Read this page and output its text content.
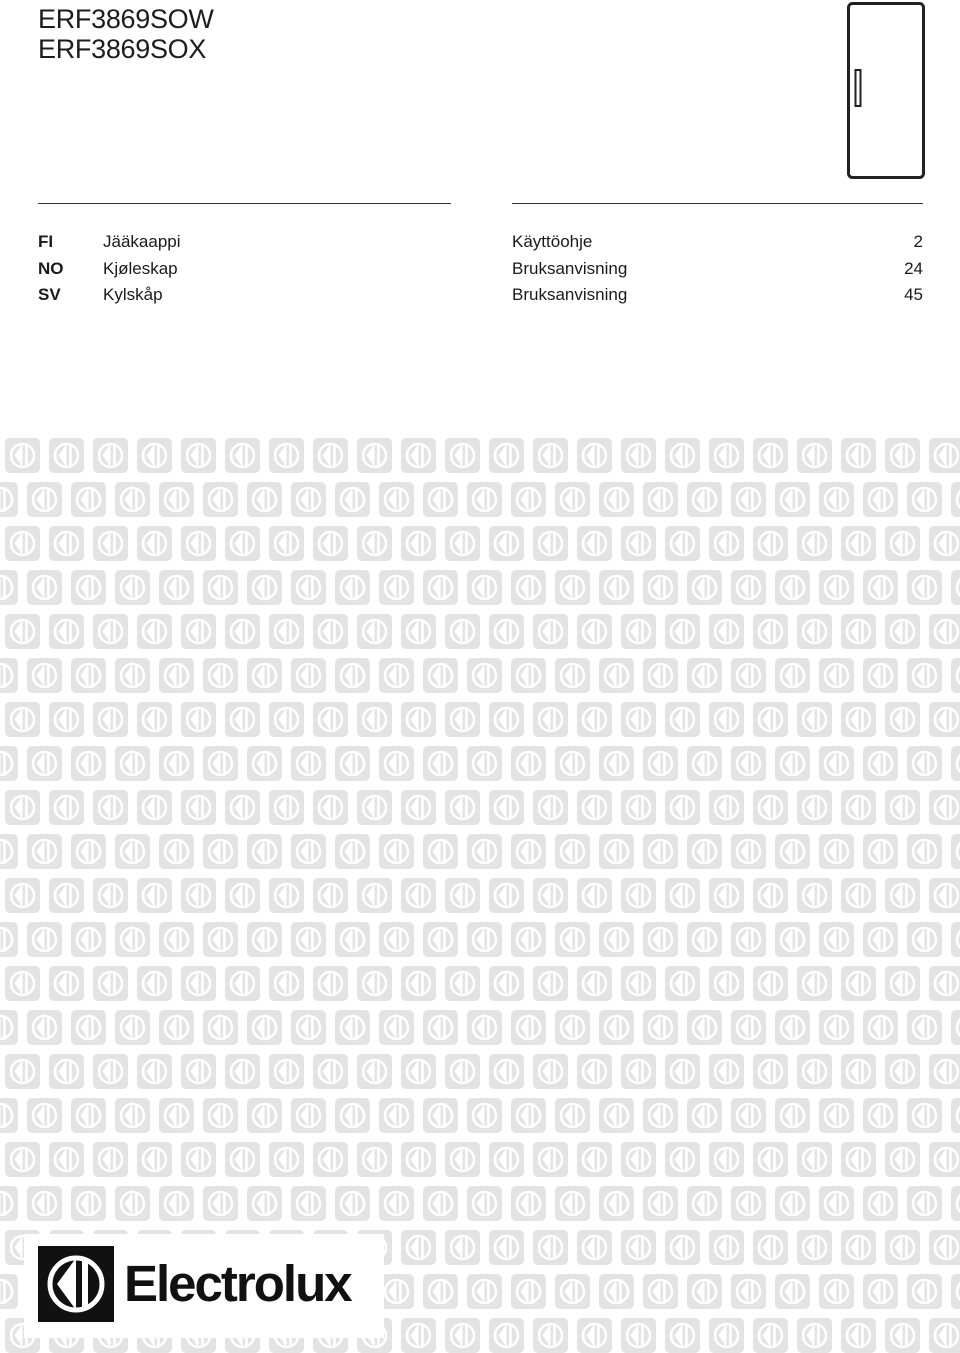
ERF3869SOW
ERF3869SOX
FI	Jääkaappi	Käyttöohje	2
NO Kjøleskap	Bruksanvisning	24
SV Kylskåp	Bruksanvisning	45
Electrolux
